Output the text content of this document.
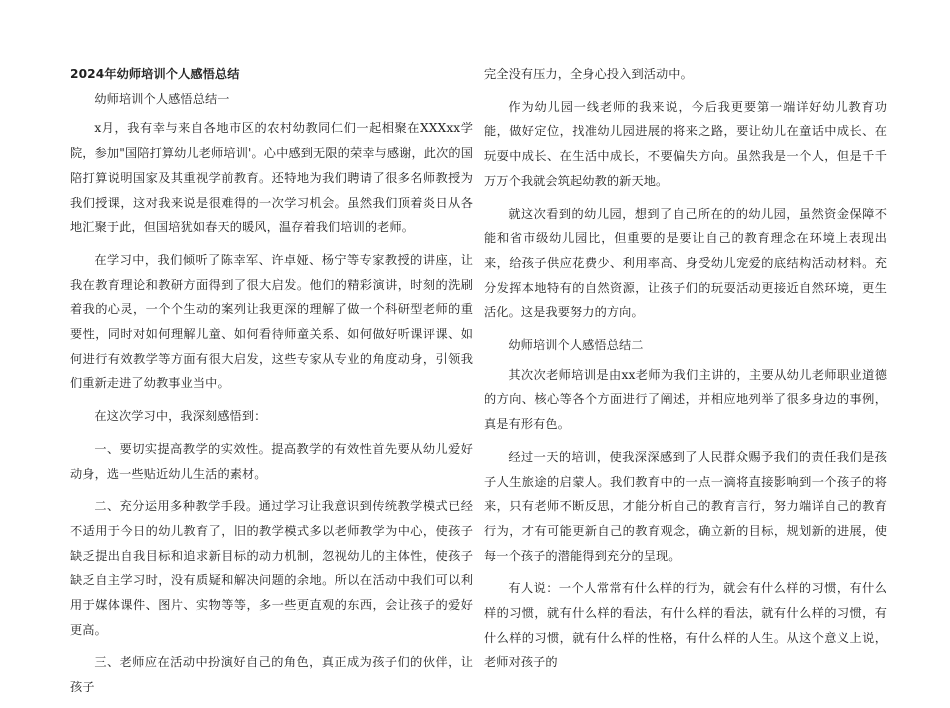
2024年幼师培训个人感悟总结

幼师培训个人感悟总结一

x月，我有幸与来自各地市区的农村幼教同仁们一起相聚在XXXxx学院，参加"国陪打算幼儿老师培训'。心中感到无限的荣幸与感谢，此次的国陪打算说明国家及其重视学前教育。还特地为我们聘请了很多名师教授为我们授课，这对我来说是很难得的一次学习机会。虽然我们顶着炎日从各地汇聚于此，但国培犹如春天的暖风，温存着我们培训的老师。

在学习中，我们倾听了陈幸军、许卓娅、杨宁等专家教授的讲座，让我在教育理论和教研方面得到了很大启发。他们的精彩演讲，时刻的洗刷着我的心灵，一个个生动的案列让我更深的理解了做一个科研型老师的重要性，同时对如何理解儿童、如何看待师童关系、如何做好听课评课、如何进行有效教学等方面有很大启发，这些专家从专业的角度动身，引领我们重新走进了幼教事业当中。

在这次学习中，我深刻感悟到：

一、要切实提高教学的实效性。提高教学的有效性首先要从幼儿爱好动身，选一些贴近幼儿生活的素材。

二、充分运用多种教学手段。通过学习让我意识到传统教学模式已经不适用于今日的幼儿教育了，旧的教学模式多以老师教学为中心，使孩子缺乏提出自我目标和追求新目标的动力机制，忽视幼儿的主体性，使孩子缺乏自主学习时，没有质疑和解决问题的余地。所以在活动中我们可以利用于媒体课件、图片、实物等等，多一些更直观的东西，会让孩子的爱好更高。

三、老师应在活动中扮演好自己的角色，真正成为孩子们的伙伴，让孩子

完全没有压力，全身心投入到活动中。

作为幼儿园一线老师的我来说，今后我更要第一端详好幼儿教育功能，做好定位，找准幼儿园进展的将来之路，要让幼儿在童话中成长、在玩耍中成长、在生活中成长，不要偏失方向。虽然我是一个人，但是千千万万个我就会筑起幼教的新天地。

就这次看到的幼儿园，想到了自己所在的的幼儿园，虽然资金保障不能和省市级幼儿园比，但重要的是要让自己的教育理念在环境上表现出来，给孩子供应花费少、利用率高、身受幼儿宠爱的底结构活动材料。充分发挥本地特有的自然资源，让孩子们的玩耍活动更接近自然环境，更生活化。这是我要努力的方向。

幼师培训个人感悟总结二

其次次老师培训是由xx老师为我们主讲的，主要从幼儿老师职业道德的方向、核心等各个方面进行了阐述，并相应地列举了很多身边的事例，真是有形有色。

经过一天的培训，使我深深感到了人民群众赐予我们的责任我们是孩子人生旅途的启蒙人。我们教育中的一点一滴将直接影响到一个孩子的将来，只有老师不断反思，才能分析自己的教育言行，努力端详自己的教育行为，才有可能更新自己的教育观念，确立新的目标，规划新的进展，使每一个孩子的潜能得到充分的呈现。

有人说：一个人常常有什么样的行为，就会有什么样的习惯，有什么样的习惯，就有什么样的看法，有什么样的看法，就有什么样的习惯，有什么样的习惯，就有什么样的性格，有什么样的人生。从这个意义上说，老师对孩子的
